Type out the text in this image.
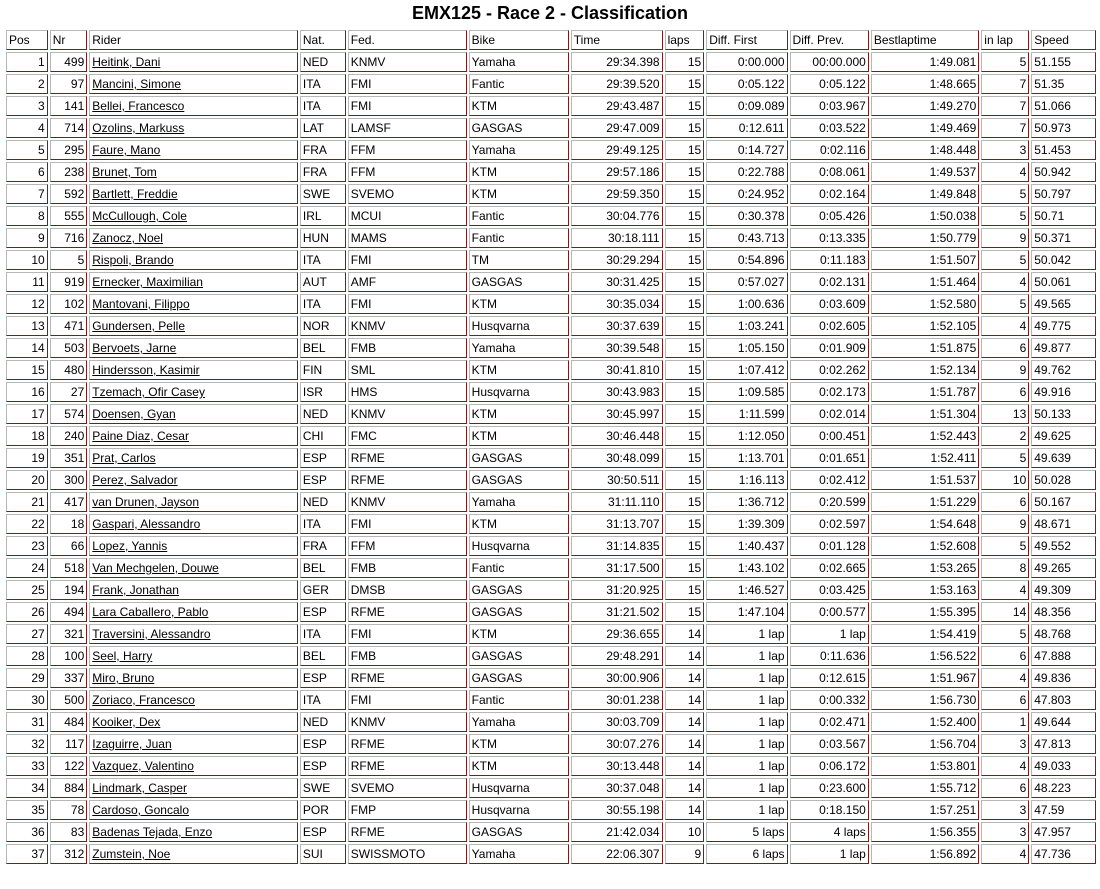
EMX125 - Race 2 - Classification
Pos	Nr	Rider	Nat.	Fed.	Bike	Time	laps	Diff. First	Diff. Prev.	Bestlaptime	in lap	Speed
1	499	Heitink, Dani	NED	KNMV	Yamaha	29:34.398	15	0:00.000	00:00.000	1:49.081	5	51.155
2	97	Mancini, Simone	ITA	FMI	Fantic	29:39.520	15	0:05.122	0:05.122	1:48.665	7	51.35
3	141	Bellei, Francesco	ITA	FMI	KTM	29:43.487	15	0:09.089	0:03.967	1:49.270	7	51.066
4	714	Ozolins, Markuss	LAT	LAMSF	GASGAS	29:47.009	15	0:12.611	0:03.522	1:49.469	7	50.973
5	295	Faure, Mano	FRA	FFM	Yamaha	29:49.125	15	0:14.727	0:02.116	1:48.448	3	51.453
6	238	Brunet, Tom	FRA	FFM	KTM	29:57.186	15	0:22.788	0:08.061	1:49.537	4	50.942
7	592	Bartlett, Freddie	SWE	SVEMO	KTM	29:59.350	15	0:24.952	0:02.164	1:49.848	5	50.797
8	555	McCullough, Cole	IRL	MCUI	Fantic	30:04.776	15	0:30.378	0:05.426	1:50.038	5	50.71
9	716	Zanocz, Noel	HUN	MAMS	Fantic	30:18.111	15	0:43.713	0:13.335	1:50.779	9	50.371
10	5	Rispoli, Brando	ITA	FMI	TM	30:29.294	15	0:54.896	0:11.183	1:51.507	5	50.042
11	919	Ernecker, Maximilian	AUT	AMF	GASGAS	30:31.425	15	0:57.027	0:02.131	1:51.464	4	50.061
12	102	Mantovani, Filippo	ITA	FMI	KTM	30:35.034	15	1:00.636	0:03.609	1:52.580	5	49.565
13	471	Gundersen, Pelle	NOR	KNMV	Husqvarna	30:37.639	15	1:03.241	0:02.605	1:52.105	4	49.775
14	503	Bervoets, Jarne	BEL	FMB	Yamaha	30:39.548	15	1:05.150	0:01.909	1:51.875	6	49.877
15	480	Hindersson, Kasimir	FIN	SML	KTM	30:41.810	15	1:07.412	0:02.262	1:52.134	9	49.762
16	27	Tzemach, Ofir Casey	ISR	HMS	Husqvarna	30:43.983	15	1:09.585	0:02.173	1:51.787	6	49.916
17	574	Doensen, Gyan	NED	KNMV	KTM	30:45.997	15	1:11.599	0:02.014	1:51.304	13	50.133
18	240	Paine Diaz, Cesar	CHI	FMC	KTM	30:46.448	15	1:12.050	0:00.451	1:52.443	2	49.625
19	351	Prat, Carlos	ESP	RFME	GASGAS	30:48.099	15	1:13.701	0:01.651	1:52.411	5	49.639
20	300	Perez, Salvador	ESP	RFME	GASGAS	30:50.511	15	1:16.113	0:02.412	1:51.537	10	50.028
21	417	van Drunen, Jayson	NED	KNMV	Yamaha	31:11.110	15	1:36.712	0:20.599	1:51.229	6	50.167
22	18	Gaspari, Alessandro	ITA	FMI	KTM	31:13.707	15	1:39.309	0:02.597	1:54.648	9	48.671
23	66	Lopez, Yannis	FRA	FFM	Husqvarna	31:14.835	15	1:40.437	0:01.128	1:52.608	5	49.552
24	518	Van Mechgelen, Douwe	BEL	FMB	Fantic	31:17.500	15	1:43.102	0:02.665	1:53.265	8	49.265
25	194	Frank, Jonathan	GER	DMSB	GASGAS	31:20.925	15	1:46.527	0:03.425	1:53.163	4	49.309
26	494	Lara Caballero, Pablo	ESP	RFME	GASGAS	31:21.502	15	1:47.104	0:00.577	1:55.395	14	48.356
27	321	Traversini, Alessandro	ITA	FMI	KTM	29:36.655	14	1 lap	1 lap	1:54.419	5	48.768
28	100	Seel, Harry	BEL	FMB	GASGAS	29:48.291	14	1 lap	0:11.636	1:56.522	6	47.888
29	337	Miro, Bruno	ESP	RFME	GASGAS	30:00.906	14	1 lap	0:12.615	1:51.967	4	49.836
30	500	Zoriaco, Francesco	ITA	FMI	Fantic	30:01.238	14	1 lap	0:00.332	1:56.730	6	47.803
31	484	Kooiker, Dex	NED	KNMV	Yamaha	30:03.709	14	1 lap	0:02.471	1:52.400	1	49.644
32	117	Izaguirre, Juan	ESP	RFME	KTM	30:07.276	14	1 lap	0:03.567	1:56.704	3	47.813
33	122	Vazquez, Valentino	ESP	RFME	KTM	30:13.448	14	1 lap	0:06.172	1:53.801	4	49.033
34	884	Lindmark, Casper	SWE	SVEMO	Husqvarna	30:37.048	14	1 lap	0:23.600	1:55.712	6	48.223
35	78	Cardoso, Goncalo	POR	FMP	Husqvarna	30:55.198	14	1 lap	0:18.150	1:57.251	3	47.59
36	83	Badenas Tejada, Enzo	ESP	RFME	GASGAS	21:42.034	10	5 laps	4 laps	1:56.355	3	47.957
37	312	Zumstein, Noe	SUI	SWISSMOTO	Yamaha	22:06.307	9	6 laps	1 lap	1:56.892	4	47.736
